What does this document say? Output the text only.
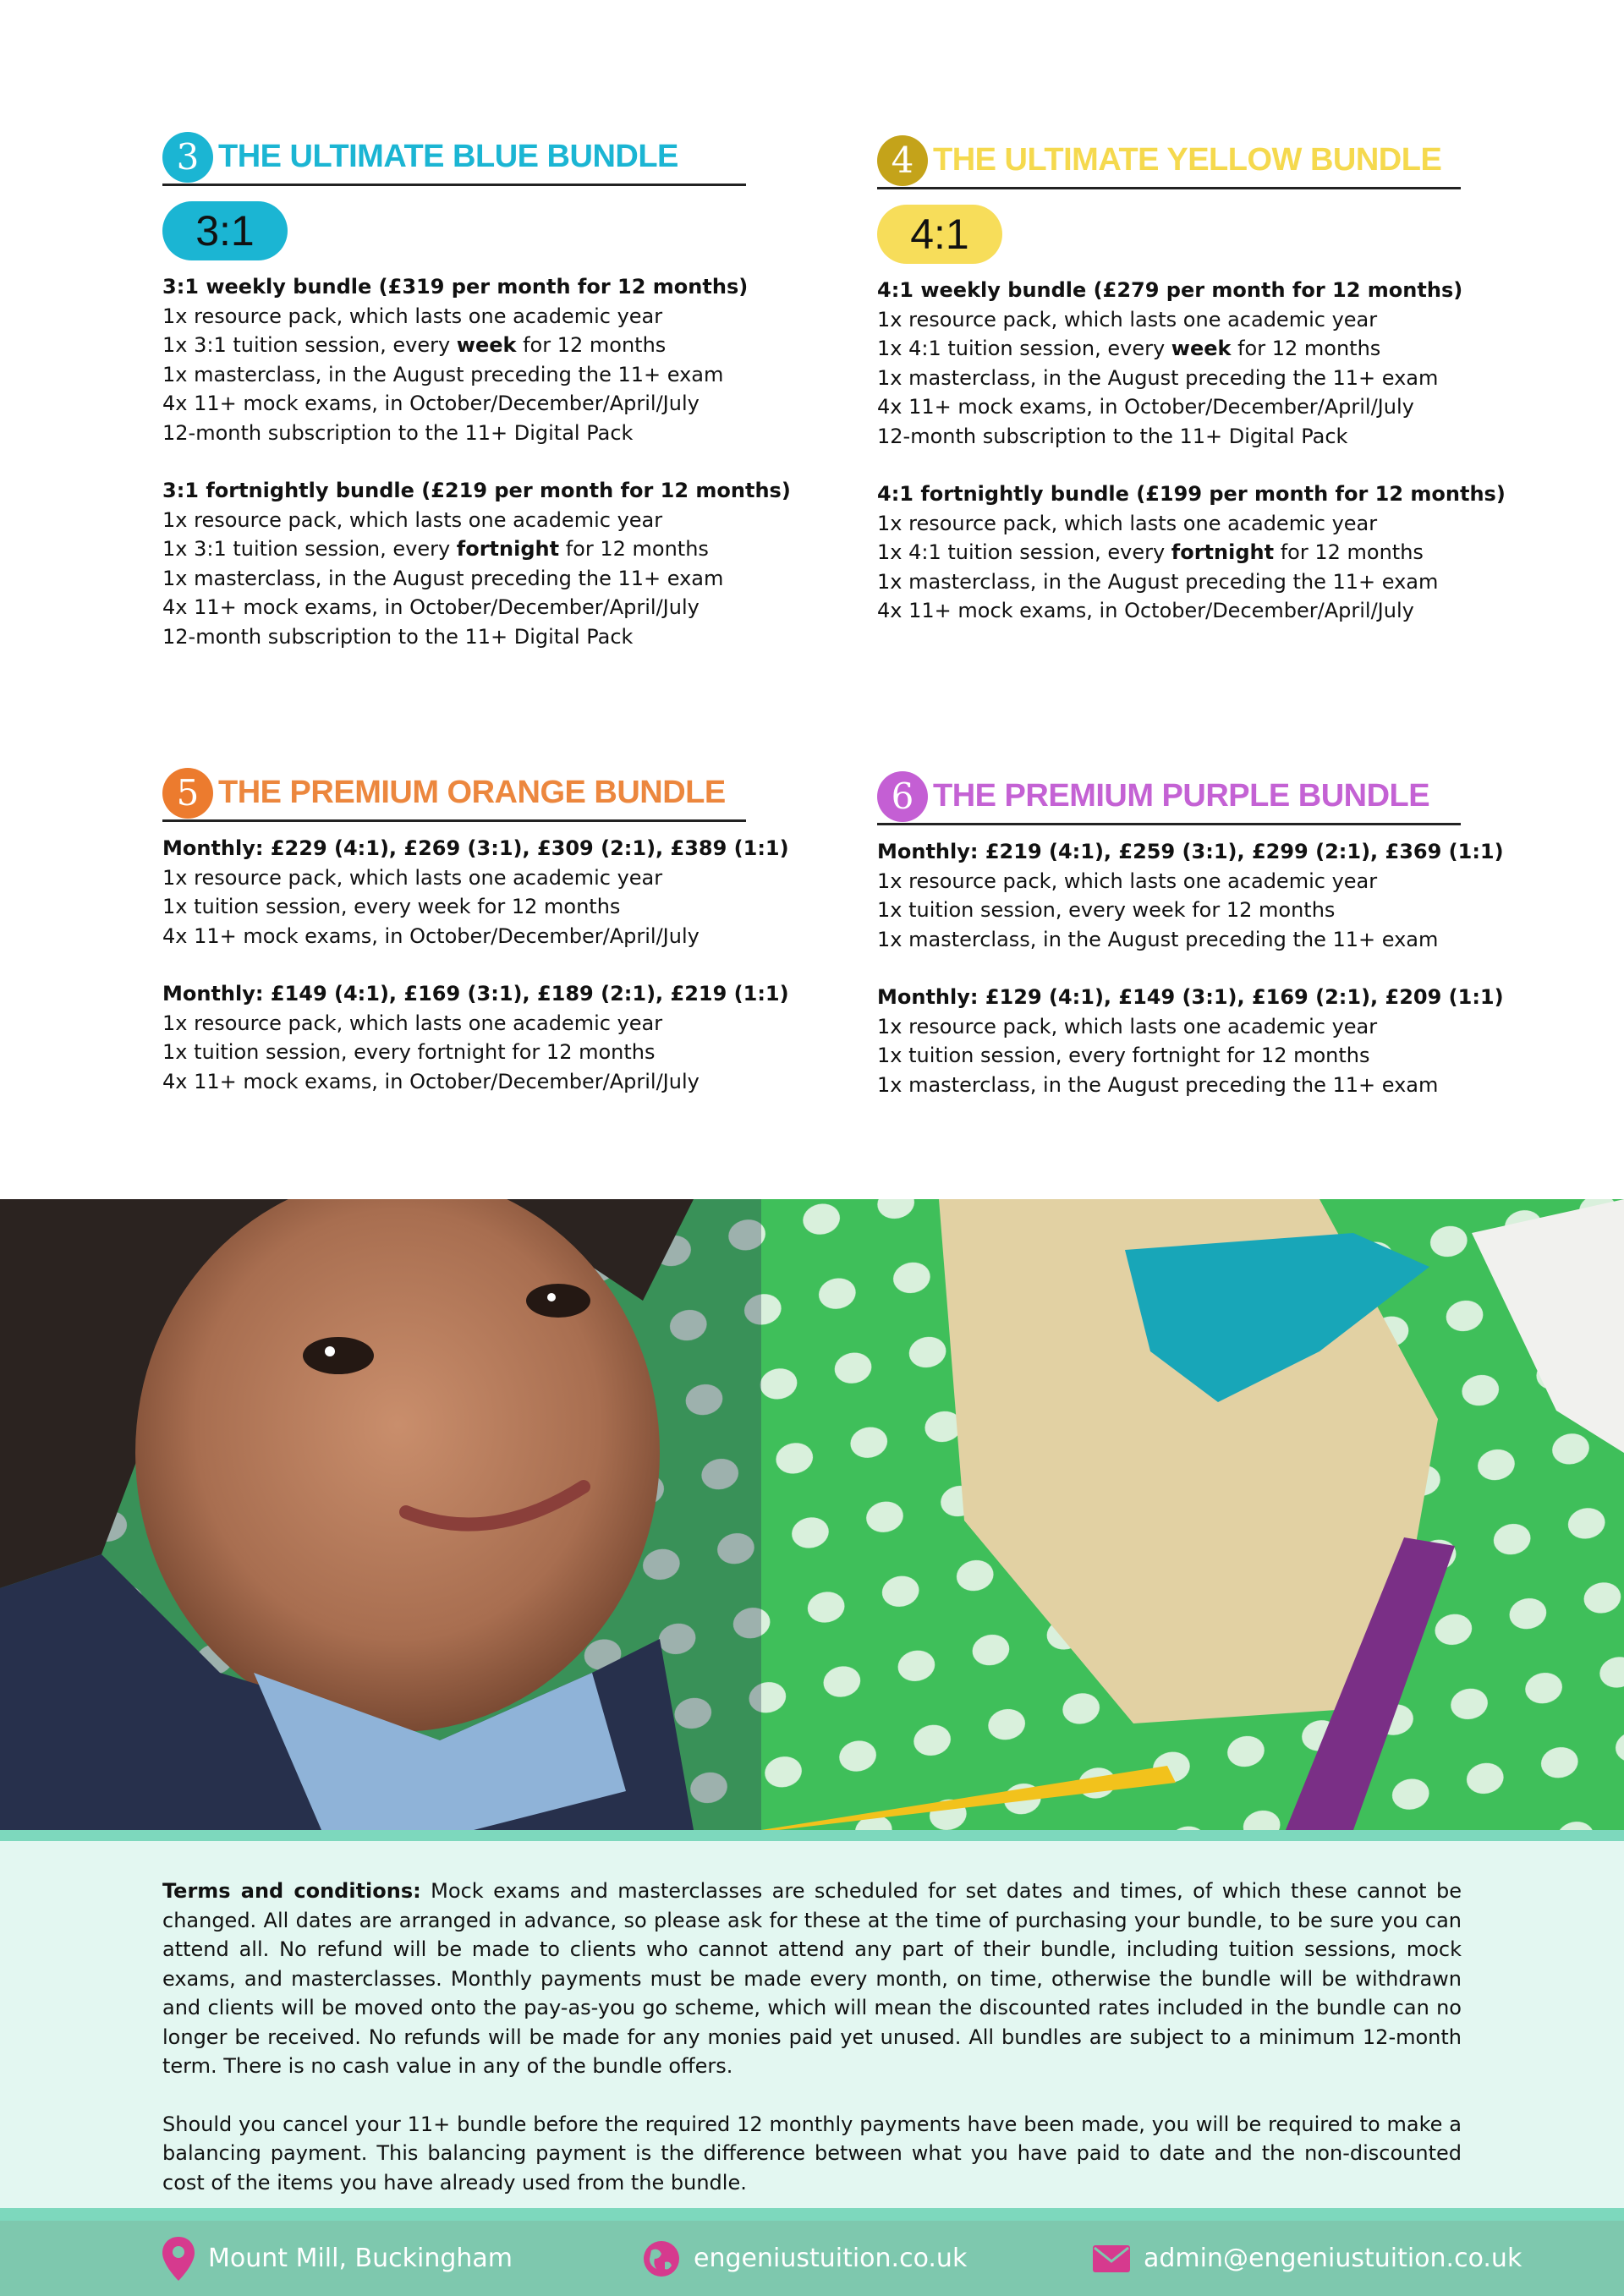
3 THE ULTIMATE BLUE BUNDLE
3:1

3:1 weekly bundle (£319 per month for 12 months)

1x resource pack, which lasts one academic year

1x 3:1 tuition session, every week for 12 months

1x masterclass, in the August preceding the 11+ exam

4x 11+ mock exams, in October/December/April/July

12-month subscription to the 11+ Digital Pack

3:1 fortnightly bundle (£219 per month for 12 months)

1x resource pack, which lasts one academic year

1x 3:1 tuition session, every fortnight for 12 months

1x masterclass, in the August preceding the 11+ exam

4x 11+ mock exams, in October/December/April/July

12-month subscription to the 11+ Digital Pack

4 THE ULTIMATE YELLOW BUNDLE
4:1

4:1 weekly bundle (£279 per month for 12 months)

1x resource pack, which lasts one academic year

1x 4:1 tuition session, every week for 12 months

1x masterclass, in the August preceding the 11+ exam

4x 11+ mock exams, in October/December/April/July

12-month subscription to the 11+ Digital Pack

4:1 fortnightly bundle (£199 per month for 12 months)

1x resource pack, which lasts one academic year

1x 4:1 tuition session, every fortnight for 12 months

1x masterclass, in the August preceding the 11+ exam

4x 11+ mock exams, in October/December/April/July

5 THE PREMIUM ORANGE BUNDLE

Monthly: £229 (4:1), £269 (3:1), £309 (2:1), £389 (1:1)

1x resource pack, which lasts one academic year

1x tuition session, every week for 12 months

4x 11+ mock exams, in October/December/April/July

Monthly: £149 (4:1), £169 (3:1), £189 (2:1), £219 (1:1)

1x resource pack, which lasts one academic year

1x tuition session, every fortnight for 12 months

4x 11+ mock exams, in October/December/April/July

6 THE PREMIUM PURPLE BUNDLE

Monthly: £219 (4:1), £259 (3:1), £299 (2:1), £369 (1:1)

1x resource pack, which lasts one academic year

1x tuition session, every week for 12 months

1x masterclass, in the August preceding the 11+ exam

Monthly: £129 (4:1), £149 (3:1), £169 (2:1), £209 (1:1)

1x resource pack, which lasts one academic year

1x tuition session, every fortnight for 12 months

1x masterclass, in the August preceding the 11+ exam

Terms and conditions: Mock exams and masterclasses are scheduled for set dates and times, of which these cannot be changed. All dates are arranged in advance, so please ask for these at the time of purchasing your bundle, to be sure you can attend all. No refund will be made to clients who cannot attend any part of their bundle, including tuition sessions, mock exams, and masterclasses. Monthly payments must be made every month, on time, otherwise the bundle will be withdrawn and clients will be moved onto the pay-as-you go scheme, which will mean the discounted rates included in the bundle can no longer be received. No refunds will be made for any monies paid yet unused. All bundles are subject to a minimum 12-month term. There is no cash value in any of the bundle offers.

Should you cancel your 11+ bundle before the required 12 monthly payments have been made, you will be required to make a balancing payment. This balancing payment is the difference between what you have paid to date and the non-discounted cost of the items you have already used from the bundle.

Mount Mill, Buckingham	engeniustuition.co.uk	admin@engeniustuition.co.uk
